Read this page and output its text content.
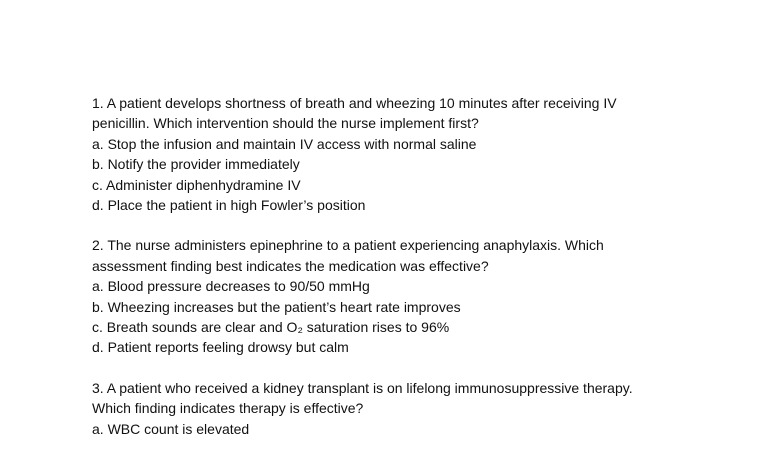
1. A patient develops shortness of breath and wheezing 10 minutes after receiving IV
penicillin. Which intervention should the nurse implement first?
a. Stop the infusion and maintain IV access with normal saline
b. Notify the provider immediately
c. Administer diphenhydramine IV
d. Place the patient in high Fowler’s position
2. The nurse administers epinephrine to a patient experiencing anaphylaxis. Which
assessment finding best indicates the medication was effective?
a. Blood pressure decreases to 90/50 mmHg
b. Wheezing increases but the patient’s heart rate improves
c. Breath sounds are clear and O₂ saturation rises to 96%
d. Patient reports feeling drowsy but calm
3. A patient who received a kidney transplant is on lifelong immunosuppressive therapy.
Which finding indicates therapy is effective?
a. WBC count is elevated
